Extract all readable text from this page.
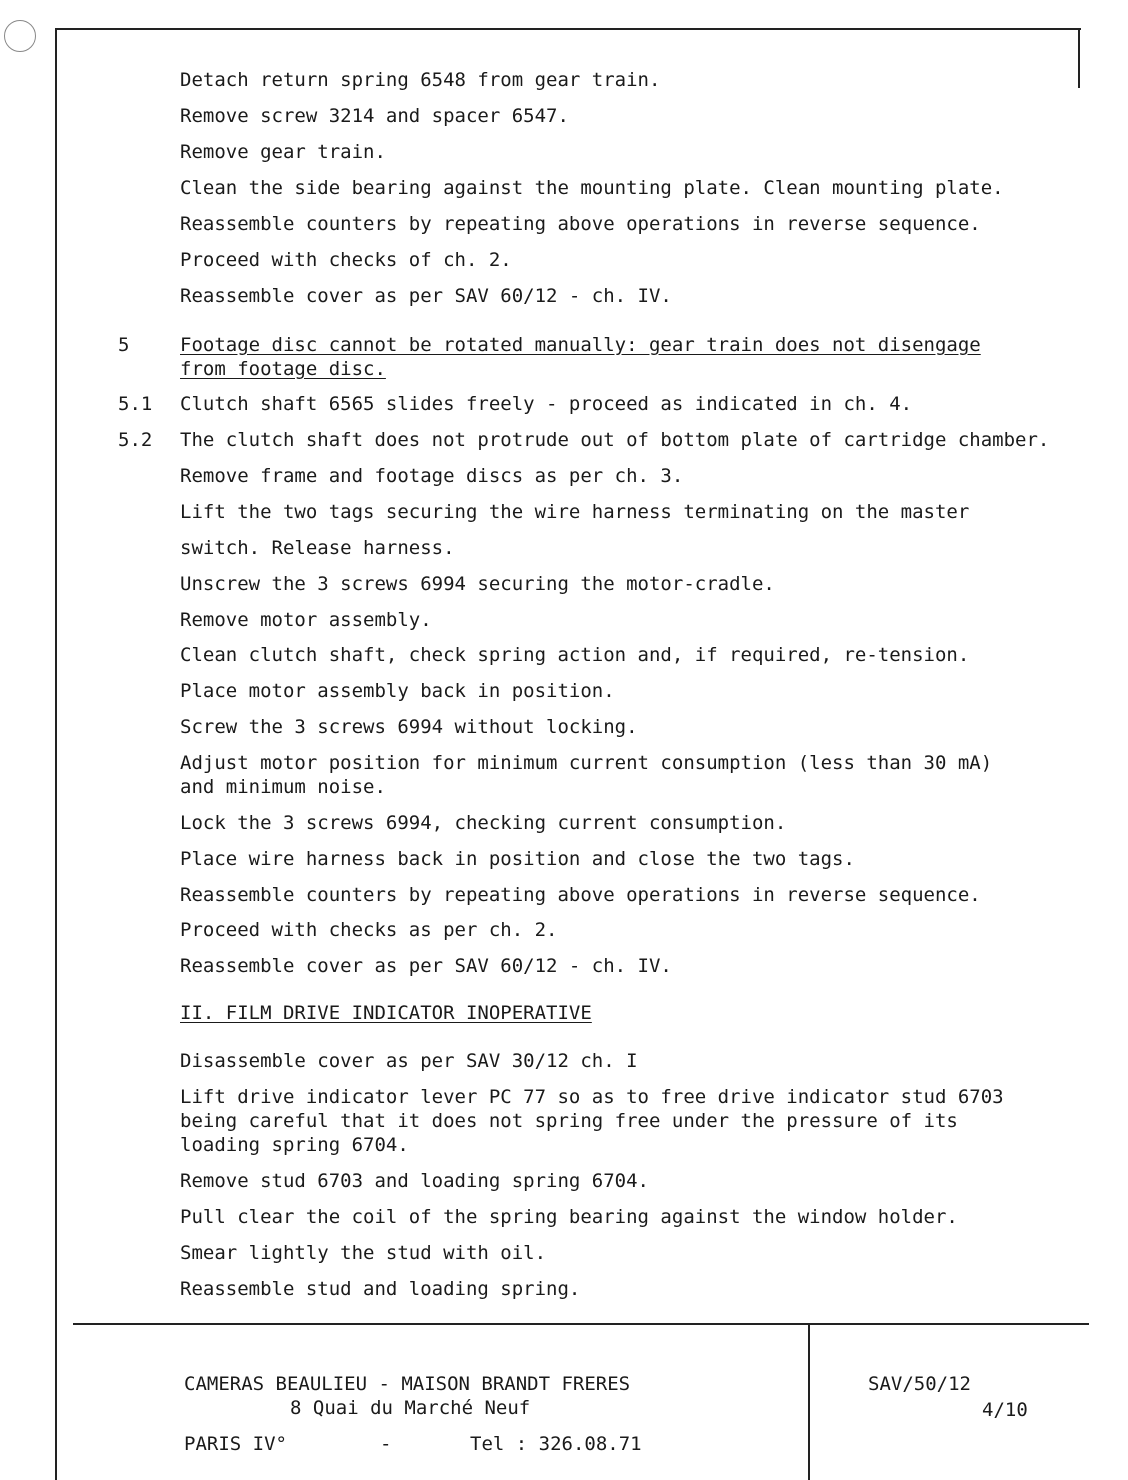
Detach return spring 6548 from gear train.
Remove screw 3214 and spacer 6547.
Remove gear train.
Clean the side bearing against the mounting plate. Clean mounting plate.
Reassemble counters by repeating above operations in reverse sequence.
Proceed with checks of ch. 2.
Reassemble cover as per SAV 60/12 - ch. IV.
5	Footage disc cannot be rotated manually: gear train does not disengage
from footage disc.
5.1 Clutch shaft 6565 slides freely - proceed as indicated in ch. 4.
5.2 The clutch shaft does not protrude out of bottom plate of cartridge chamber.
Remove frame and footage discs as per ch. 3.
Lift the two tags securing the wire harness terminating on the master
switch. Release harness.
Unscrew the 3 screws 6994 securing the motor-cradle.
Remove motor assembly.
Clean clutch shaft, check spring action and, if required, re-tension.
Place motor assembly back in position.
Screw the 3 screws 6994 without locking.
Adjust motor position for minimum current consumption (less than 30 mA)
and minimum noise.
Lock the 3 screws 6994, checking current consumption.
Place wire harness back in position and close the two tags.
Reassemble counters by repeating above operations in reverse sequence.
Proceed with checks as per ch. 2.
Reassemble cover as per SAV 60/12 - ch. IV.
II. FILM DRIVE INDICATOR INOPERATIVE
Disassemble cover as per SAV 30/12 ch. I
Lift drive indicator lever PC 77 so as to free drive indicator stud 6703
being careful that it does not spring free under the pressure of its
loading spring 6704.
Remove stud 6703 and loading spring 6704.
Pull clear the coil of the spring bearing against the window holder.
Smear lightly the stud with oil.
Reassemble stud and loading spring.
CAMERAS BEAULIEU - MAISON BRANDT FRERES
8 Quai du Marché Neuf
PARIS IV°	-	Tel : 326.08.71
SAV/50/12
4/10
